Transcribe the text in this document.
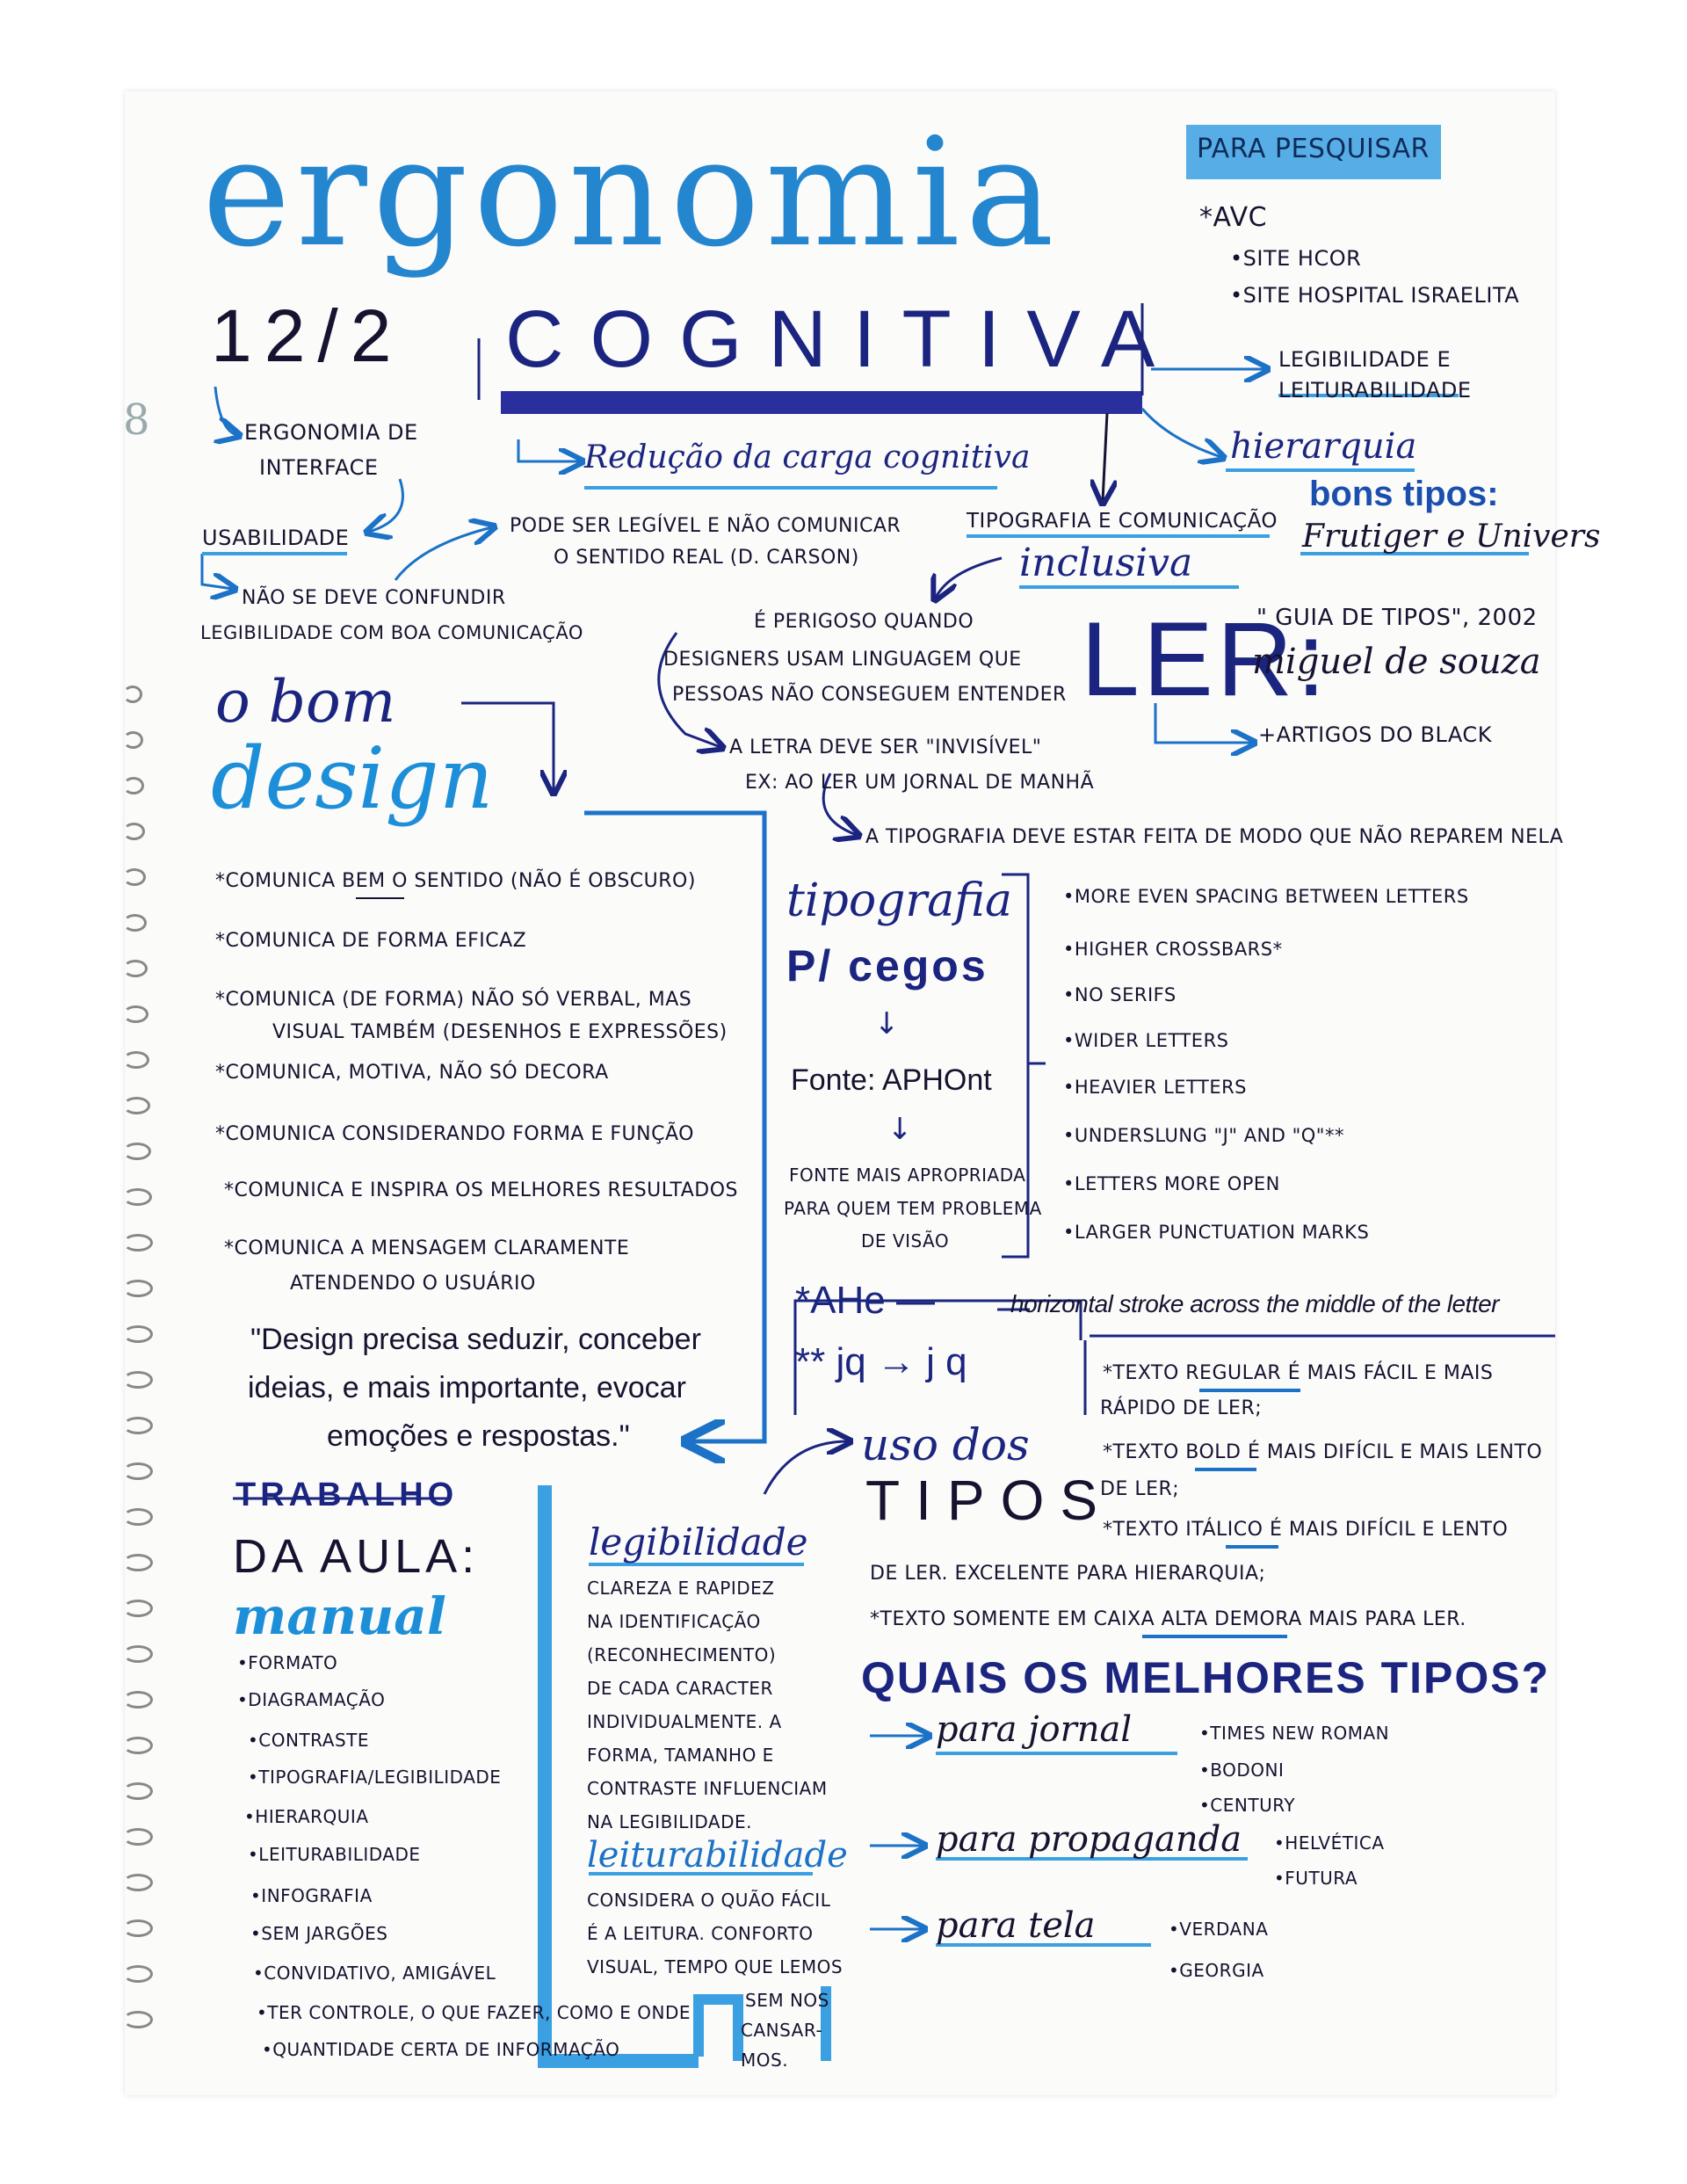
ergonomia
COGNITIVA
12/2
8
PARA PESQUISAR
*AVC
•SITE HCOR
•SITE HOSPITAL ISRAELITA
ERGONOMIA DE
INTERFACE
USABILIDADE
NÃO SE DEVE CONFUNDIR
LEGIBILIDADE COM BOA COMUNICAÇÃO
PODE SER LEGÍVEL E NÃO COMUNICAR
O SENTIDO REAL (D. CARSON)
Redução da carga cognitiva
LEGIBILIDADE E
LEITURABILIDADE
hierarquia
TIPOGRAFIA E COMUNICAÇÃO
inclusiva
bons tipos:
Frutiger e Univers
LER:
" GUIA DE TIPOS", 2002
miguel de souza
+ARTIGOS DO BLACK
É PERIGOSO QUANDO
DESIGNERS USAM LINGUAGEM QUE
PESSOAS NÃO CONSEGUEM ENTENDER
A LETRA DEVE SER "INVISÍVEL"
EX: AO LER UM JORNAL DE MANHÃ
A TIPOGRAFIA DEVE ESTAR FEITA DE MODO QUE NÃO REPAREM NELA
o bom
design
*COMUNICA BEM O SENTIDO (NÃO É OBSCURO)
*COMUNICA DE FORMA EFICAZ
*COMUNICA (DE FORMA) NÃO SÓ VERBAL, MAS
VISUAL TAMBÉM (DESENHOS E EXPRESSÕES)
*COMUNICA, MOTIVA, NÃO SÓ DECORA
*COMUNICA CONSIDERANDO FORMA E FUNÇÃO
*COMUNICA E INSPIRA OS MELHORES RESULTADOS
*COMUNICA A MENSAGEM CLARAMENTE
ATENDENDO O USUÁRIO
"Design precisa seduzir, conceber
ideias, e mais importante, evocar
emoções e respostas."
tipografia
P/ cegos
↓
Fonte: APHOnt
↓
FONTE MAIS APROPRIADA
PARA QUEM TEM PROBLEMA
DE VISÃO
•MORE EVEN SPACING BETWEEN LETTERS
•HIGHER CROSSBARS*
•NO SERIFS
•WIDER LETTERS
•HEAVIER LETTERS
•UNDERSLUNG "J" AND "Q"**
•LETTERS MORE OPEN
•LARGER PUNCTUATION MARKS
*AHe —	horizontal stroke across the middle of the letter
** jq → j q
uso dos
TIPOS
*TEXTO REGULAR É MAIS FÁCIL E MAIS
RÁPIDO DE LER;
*TEXTO BOLD É MAIS DIFÍCIL E MAIS LENTO
DE LER;
*TEXTO ITÁLICO É MAIS DIFÍCIL E LENTO
DE LER. EXCELENTE PARA HIERARQUIA;
*TEXTO SOMENTE EM CAIXA ALTA DEMORA MAIS PARA LER.
TRABALHO
DA AULA:
manual
•FORMATO
•DIAGRAMAÇÃO
•CONTRASTE
•TIPOGRAFIA/LEGIBILIDADE
•HIERARQUIA
•LEITURABILIDADE
•INFOGRAFIA
•SEM JARGÕES
•CONVIDATIVO, AMIGÁVEL
•TER CONTROLE, O QUE FAZER, COMO E ONDE
•QUANTIDADE CERTA DE INFORMAÇÃO
legibilidade
CLAREZA E RAPIDEZ
NA IDENTIFICAÇÃO
(RECONHECIMENTO)
DE CADA CARACTER
INDIVIDUALMENTE. A
FORMA, TAMANHO E
CONTRASTE INFLUENCIAM
NA LEGIBILIDADE.
leiturabilidade
CONSIDERA O QUÃO FÁCIL
É A LEITURA. CONFORTO
VISUAL, TEMPO QUE LEMOS
SEM NOS
CANSAR-
MOS.
QUAIS OS MELHORES TIPOS?
para jornal	•TIMES NEW ROMAN
•BODONI
•CENTURY
para propaganda •HELVÉTICA
•FUTURA
para tela	•VERDANA
•GEORGIA
